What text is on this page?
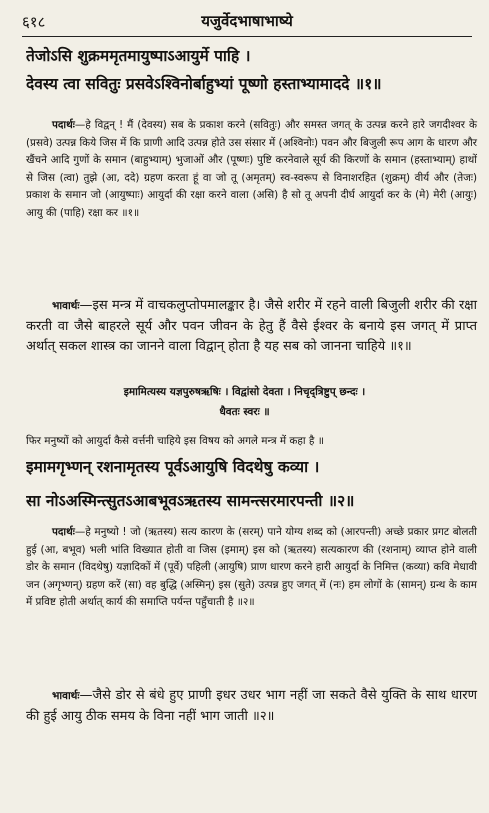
६१८	यजुर्वेदभाषाभाष्ये
तेजोऽसि शुक्रममृतमायुष्पाऽआयुर्मे पाहि ।
देवस्य त्वा सवितुः प्रसवेऽश्विनोर्बाहुभ्यां पूष्णो हस्ताभ्यामाददे ॥१॥
पदार्थः—हे विद्वन् ! मैं (देवस्य) सब के प्रकाश करने (सवितुः) और समस्त जगत् के उत्पन्न करने हारे जगदीश्वर के (प्रसवे) उत्पन्न किये जिस में कि प्राणी आदि उत्पन्न होते उस संसार में (अश्विनोः) पवन और बिजुली रूप आग के धारण और खैंचने आदि गुणों के समान (बाहुभ्याम्) भुजाओं और (पूष्णः) पुष्टि करनेवाले सूर्य की किरणों के समान (हस्ताभ्याम्) हाथों से जिस (त्वा) तुझे (आ, ददे) ग्रहण करता हूं वा जो तू (अमृतम्) स्व-स्वरूप से विनाशरहित (शुक्रम्) वीर्य और (तेजः) प्रकाश के समान जो (आयुष्पाः) आयुर्दा की रक्षा करने वाला (असि) है सो तू अपनी दीर्घ आयुर्दा कर के (मे) मेरी (आयुः) आयु की (पाहि) रक्षा कर ॥१॥
भावार्थः—इस मन्त्र में वाचकलुप्तोपमालङ्कार है। जैसे शरीर में रहने वाली बिजुली शरीर की रक्षा करती वा जैसे बाहरले सूर्य और पवन जीवन के हेतु हैं वैसे ईश्वर के बनाये इस जगत् में प्राप्त अर्थात् सकल शास्त्र का जानने वाला विद्वान् होता है यह सब को जानना चाहिये ॥१॥
इमामित्यस्य यज्ञपुरुषऋषिः । विद्वांसो देवता । निचृद्‌त्रिष्टुप् छन्दः ।
धैवतः स्वरः ॥
फिर मनुष्यों को आयुर्दा कैसे वर्त्तनी चाहिये इस विषय को अगले मन्त्र में कहा है ॥
इमामगृभ्णन् रशनामृतस्य पूर्वऽआयुषि विदथेषु कव्या ।
सा नोऽअस्मिन्त्सुतऽआबभूवऽऋतस्य सामन्त्सरमारपन्ती ॥२॥
पदार्थः—हे मनुष्यो ! जो (ऋतस्य) सत्य कारण के (सरम्) पाने योग्य शब्द को (आरपन्ती) अच्छे प्रकार प्रगट बोलती हुई (आ, बभूव) भली भांति विख्यात होती वा जिस (इमाम्) इस को (ऋतस्य) सत्यकारण की (रशनाम्) व्याप्त होने वाली डोर के समान (विदथेषु) यज्ञादिकों में (पूर्वे) पहिली (आयुषि) प्राण धारण करने हारी आयुर्दा के निमित्त (कव्या) कवि मेधावी जन (अगृभ्णन्) ग्रहण करें (सा) वह बुद्धि (अस्मिन्) इस (सुते) उत्पन्न हुए जगत् में (नः) हम लोगों के (सामन्) ग्रन्थ के काम में प्रविष्ट होती अर्थात् कार्य की समाप्ति पर्यन्त पहुँचाती है ॥२॥
भावार्थः—जैसे डोर से बंधे हुए प्राणी इधर उधर भाग नहीं जा सकते वैसे युक्ति के साथ धारण की हुई आयु ठीक समय के विना नहीं भाग जाती ॥२॥
